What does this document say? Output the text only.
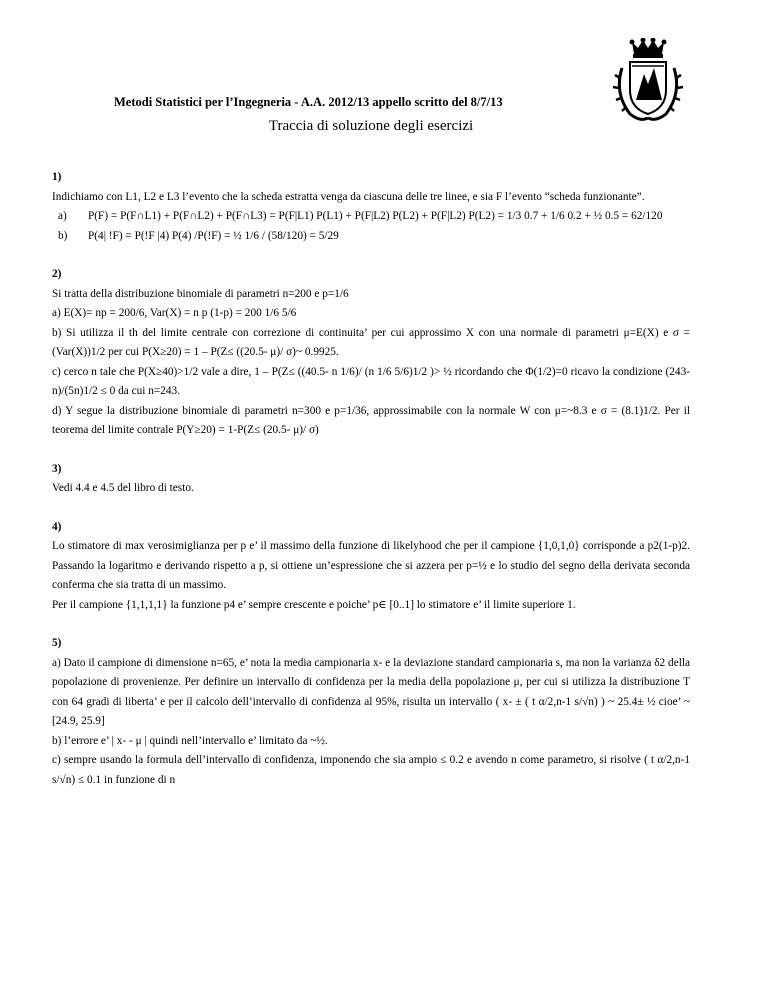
Metodi Statistici per l’Ingegneria - A.A. 2012/13 appello scritto del 8/7/13
Traccia di soluzione degli esercizi
1)

Indichiamo con L1, L2 e L3 l’evento che la scheda estratta venga da ciascuna delle tre linee, e sia F l’evento “scheda funzionante”.

a)	P(F) = P(F∩L1) + P(F∩L2) + P(F∩L3) = P(F|L1) P(L1) + P(F|L2) P(L2) + P(F|L2) P(L2) = 1/3 0.7 + 1/6 0.2 + ½ 0.5 = 62/120
b)	P(4| !F) = P(!F |4) P(4) /P(!F) = ½ 1/6 / (58/120) = 5/29
2)

Si tratta della distribuzione binomiale di parametri n=200 e p=1/6

a) E(X)= np = 200/6, Var(X) = n p (1-p) = 200 1/6 5/6

b) Si utilizza il th del limite centrale con correzione di continuita’ per cui approssimo X con una normale di parametri μ=E(X) e σ = (Var(X))1/2 per cui P(X≥20) = 1 – P(Z≤ ((20.5- μ)/ σ)~ 0.9925.

c) cerco n tale che P(X≥40)>1/2 vale a dire, 1 – P(Z≤ ((40.5- n 1/6)/ (n 1/6 5/6)1/2 )> ½ ricordando che Φ(1/2)=0 ricavo la condizione (243-n)/(5n)1/2 ≤ 0 da cui n=243.

d) Y segue la distribuzione binomiale di parametri n=300 e p=1/36, approssimabile con la normale W con μ=~8.3 e σ = (8.1)1/2. Per il teorema del limite contrale P(Y≥20) = 1-P(Z≤ (20.5- μ)/ σ)

3)

Vedi 4.4 e 4.5 del libro di testo.

4)

Lo stimatore di max verosimiglianza per p e’ il massimo della funzione di likelyhood che per il campione {1,0,1,0} corrisponde a p2(1-p)2. Passando la logaritmo e derivando rispetto a p, si ottiene un’espressione che si azzera per p=½ e lo studio del segno della derivata seconda conferma che sia tratta di un massimo.

Per il campione {1,1,1,1} la funzione p4 e’ sempre crescente e poiche’ p∈ [0..1] lo stimatore e’ il limite superiore 1.

5)

a) Dato il campione di dimensione n=65, e’ nota la media campionaria x- e la deviazione standard campionaria s, ma non la varianza δ2 della popolazione di provenienze. Per definire un intervallo di confidenza per la media della popolazione μ, per cui si utilizza la distribuzione T con 64 gradi di liberta’ e per il calcolo dell’intervallo di confidenza al 95%, risulta un intervallo ( x- ± ( t α/2,n-1 s/√n) ) ~ 25.4± ½ cioe’ ~ [24.9, 25.9]

b) l’errore e’ | x- - μ | quindi nell’intervallo e’ limitato da ~½.

c) sempre usando la formula dell’intervallo di confidenza, imponendo che sia ampio ≤ 0.2 e avendo n come parametro, si risolve ( t α/2,n-1 s/√n) ≤ 0.1 in funzione di n
